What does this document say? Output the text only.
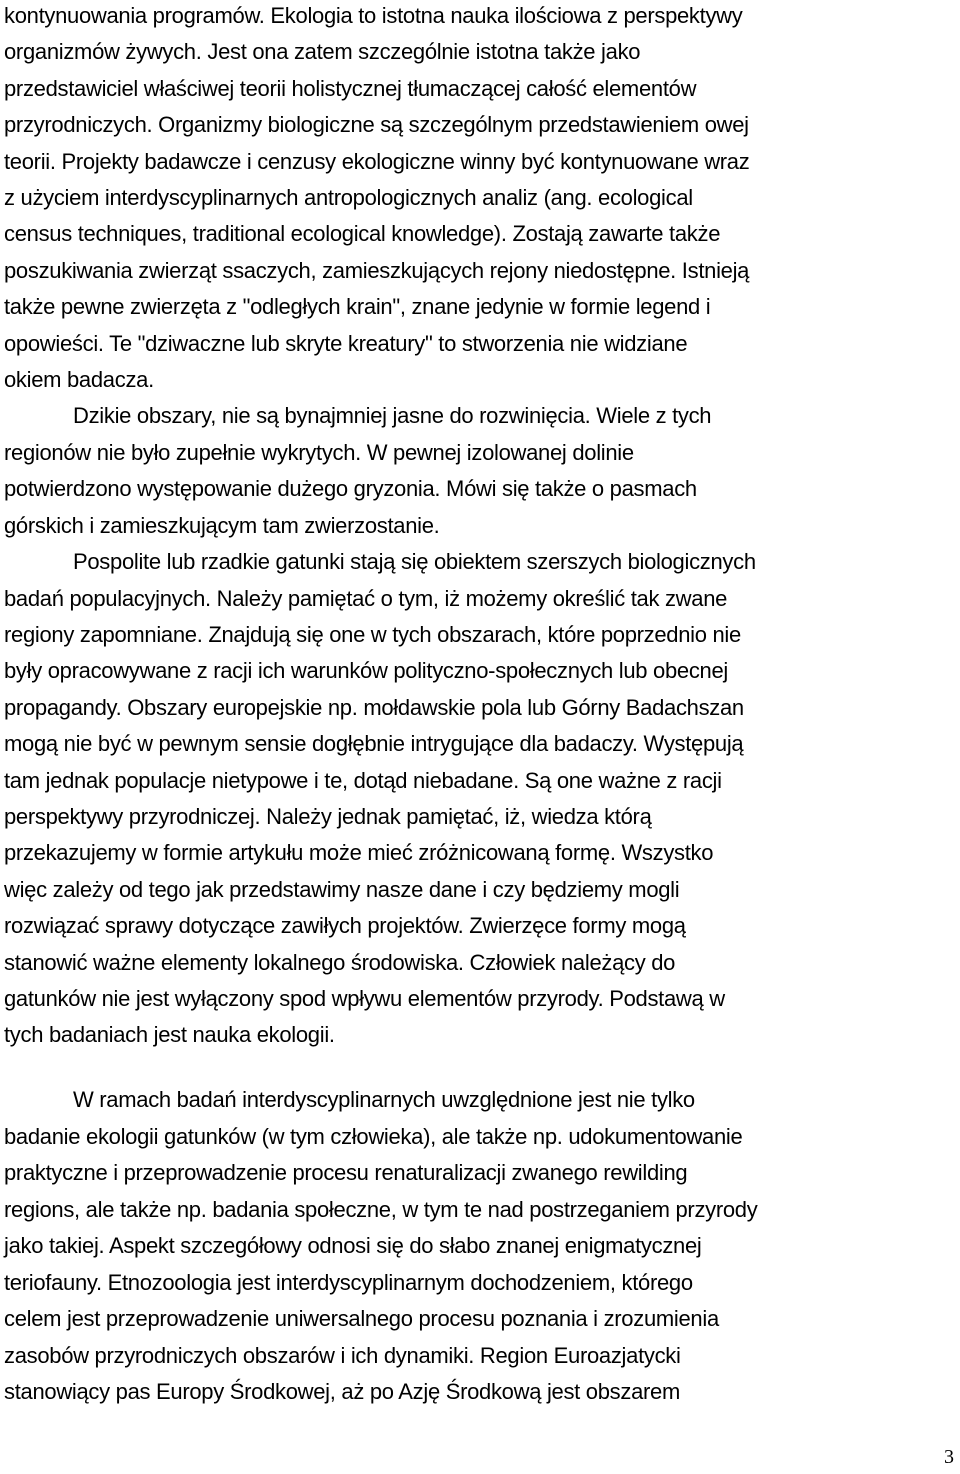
kontynuowania programów. Ekologia to istotna nauka ilościowa z perspektywy
organizmów żywych. Jest ona zatem szczególnie istotna także jako
przedstawiciel właściwej teorii holistycznej tłumaczącej całość elementów
przyrodniczych. Organizmy biologiczne są szczególnym przedstawieniem owej
teorii. Projekty badawcze i cenzusy ekologiczne winny być kontynuowane wraz
z użyciem interdyscyplinarnych antropologicznych analiz (ang. ecological
census techniques, traditional ecological knowledge). Zostają zawarte także
poszukiwania zwierząt ssaczych, zamieszkujących rejony niedostępne. Istnieją
także pewne zwierzęta z "odległych krain", znane jedynie w formie legend i
opowieści. Te "dziwaczne lub skryte kreatury" to stworzenia nie widziane
okiem badacza.
Dzikie obszary, nie są bynajmniej jasne do rozwinięcia. Wiele z tych
regionów nie było zupełnie wykrytych. W pewnej izolowanej dolinie
potwierdzono występowanie dużego gryzonia. Mówi się także o pasmach
górskich i zamieszkującym tam zwierzostanie.
Pospolite lub rzadkie gatunki stają się obiektem szerszych biologicznych
badań populacyjnych. Należy pamiętać o tym, iż możemy określić tak zwane
regiony zapomniane. Znajdują się one w tych obszarach, które poprzednio nie
były opracowywane z racji ich warunków polityczno-społecznych lub obecnej
propagandy. Obszary europejskie np. mołdawskie pola lub Górny Badachszan
mogą nie być w pewnym sensie dogłębnie intrygujące dla badaczy. Występują
tam jednak populacje nietypowe i te, dotąd niebadane. Są one ważne z racji
perspektywy przyrodniczej. Należy jednak pamiętać, iż, wiedza którą
przekazujemy w formie artykułu może mieć zróżnicowaną formę. Wszystko
więc zależy od tego jak przedstawimy nasze dane i czy będziemy mogli
rozwiązać sprawy dotyczące zawiłych projektów. Zwierzęce formy mogą
stanowić ważne elementy lokalnego środowiska. Człowiek należący do
gatunków nie jest wyłączony spod wpływu elementów przyrody. Podstawą w
tych badaniach jest nauka ekologii.
W ramach badań interdyscyplinarnych uwzględnione jest nie tylko
badanie ekologii gatunków (w tym człowieka), ale także np. udokumentowanie
praktyczne i przeprowadzenie procesu renaturalizacji zwanego rewilding
regions, ale także np. badania społeczne, w tym te nad postrzeganiem przyrody
jako takiej. Aspekt szczegółowy odnosi się do słabo znanej enigmatycznej
teriofauny. Etnozoologia jest interdyscyplinarnym dochodzeniem, którego
celem jest przeprowadzenie uniwersalnego procesu poznania i zrozumienia
zasobów przyrodniczych obszarów i ich dynamiki. Region Euroazjatycki
stanowiący pas Europy Środkowej, aż po Azję Środkową jest obszarem
3
